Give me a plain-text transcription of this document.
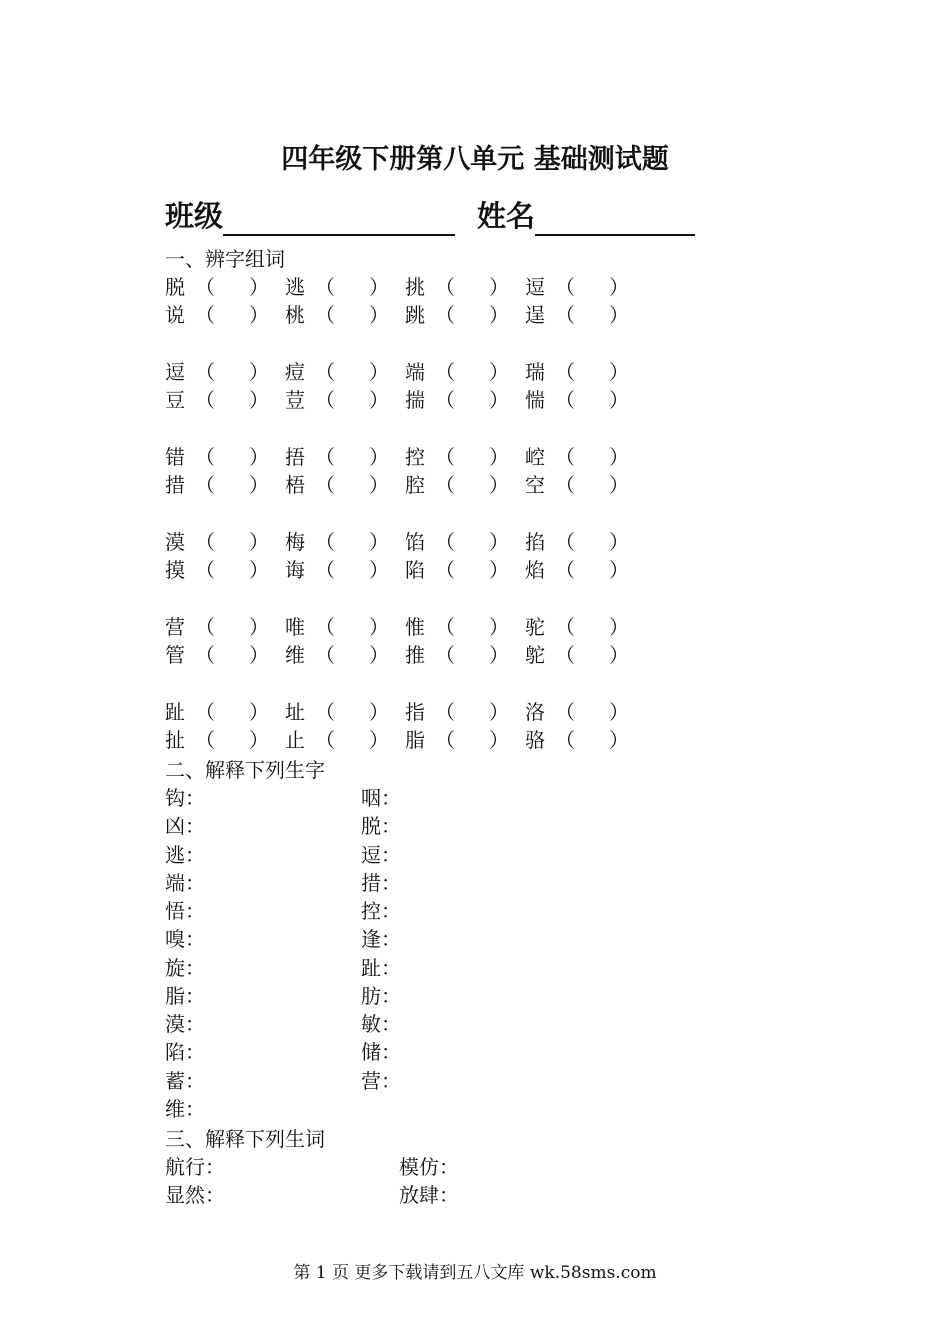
四年级下册第八单元 基础测试题
班级	姓名
一、辨字组词
脱 （ ） 逃 （ ） 挑 （ ） 逗 （ ）
说 （ ） 桃 （ ） 跳 （ ） 逞 （ ）
逗 （ ） 痘 （ ） 端 （ ） 瑞 （ ）
豆 （ ） 荳 （ ） 揣 （ ） 惴 （ ）
错 （ ） 捂 （ ） 控 （ ） 崆 （ ）
措 （ ） 梧 （ ） 腔 （ ） 空 （ ）
漠 （ ） 梅 （ ） 馅 （ ） 掐 （ ）
摸 （ ） 诲 （ ） 陷 （ ） 焰 （ ）
营 （ ） 唯 （ ） 惟 （ ） 驼 （ ）
管 （ ） 维 （ ） 推 （ ） 鸵 （ ）
趾 （ ） 址 （ ） 指 （ ） 洛 （ ）
扯 （ ） 止 （ ） 脂 （ ） 骆 （ ）
二、解释下列生字
钩：
凶：
逃：
端：
悟：
嗅：
旋：
脂：
漠：
陷：
蓄：
维：
咽：
脱：
逗：
措：
控：
逢：
趾：
肪：
敏：
储：
营：
三、解释下列生词
航行：
显然：
模仿：
放肆：
第 1 页 更多下载请到五八文库 wk.58sms.com
